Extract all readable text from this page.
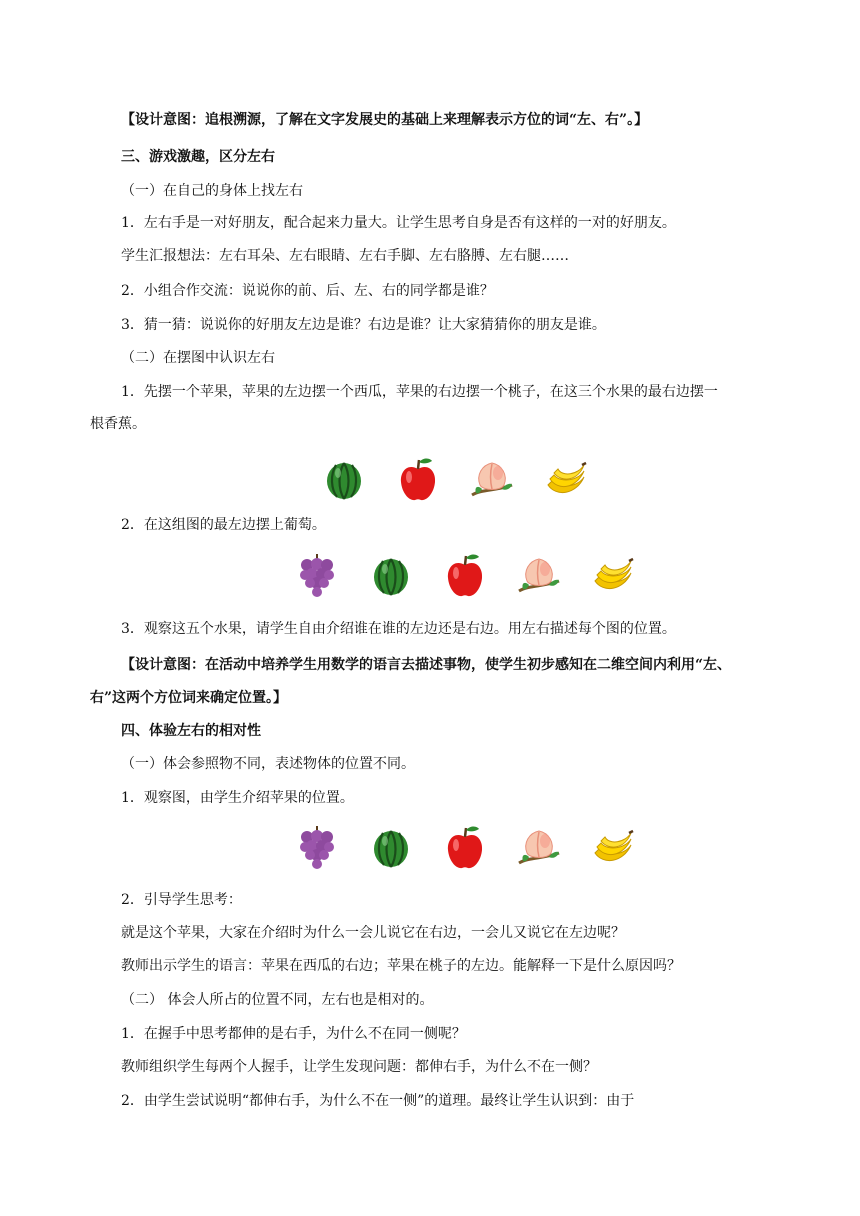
【设计意图：追根溯源，了解在文字发展史的基础上来理解表示方位的词“左、右”。】
三、游戏激趣，区分左右
（一）在自己的身体上找左右
1．左右手是一对好朋友，配合起来力量大。让学生思考自身是否有这样的一对的好朋友。
学生汇报想法：左右耳朵、左右眼睛、左右手脚、左右胳膊、左右腿……
2．小组合作交流：说说你的前、后、左、右的同学都是谁？
3．猜一猜：说说你的好朋友左边是谁？右边是谁？让大家猜猜你的朋友是谁。
（二）在摆图中认识左右
1．先摆一个苹果，苹果的左边摆一个西瓜，苹果的右边摆一个桃子，在这三个水果的最右边摆一
根香蕉。
2．在这组图的最左边摆上葡萄。
3．观察这五个水果，请学生自由介绍谁在谁的左边还是右边。用左右描述每个图的位置。
【设计意图：在活动中培养学生用数学的语言去描述事物，使学生初步感知在二维空间内利用“左、
右”这两个方位词来确定位置。】
四、体验左右的相对性
（一）体会参照物不同，表述物体的位置不同。
1．观察图，由学生介绍苹果的位置。
2．引导学生思考：
就是这个苹果，大家在介绍时为什么一会儿说它在右边，一会儿又说它在左边呢？
教师出示学生的语言：苹果在西瓜的右边；苹果在桃子的左边。能解释一下是什么原因吗？
（二） 体会人所占的位置不同，左右也是相对的。
1．在握手中思考都伸的是右手，为什么不在同一侧呢？
教师组织学生每两个人握手，让学生发现问题：都伸右手，为什么不在一侧？
2．由学生尝试说明“都伸右手，为什么不在一侧”的道理。最终让学生认识到：由于
